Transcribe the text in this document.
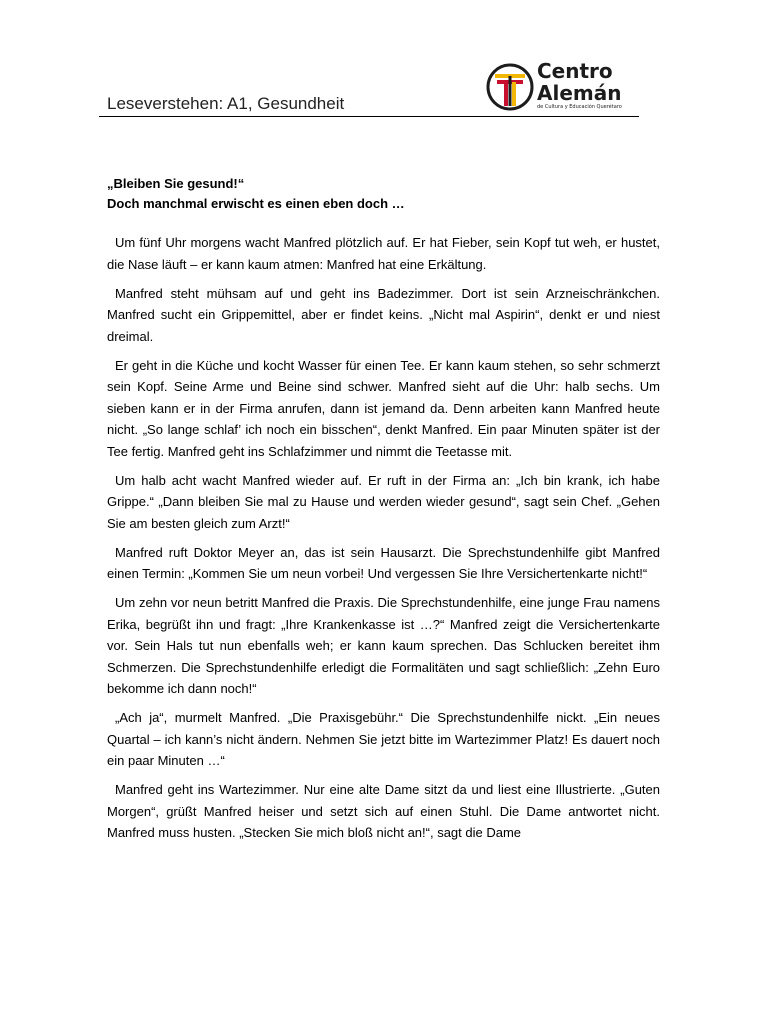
Leseverstehen: A1, Gesundheit
Centro
Alemán
de Cultura y Educación Querétaro
„Bleiben Sie gesund!“
Doch manchmal erwischt es einen eben doch …

Um fünf Uhr morgens wacht Manfred plötzlich auf. Er hat Fieber, sein Kopf tut weh, er hustet, die Nase läuft – er kann kaum atmen: Manfred hat eine Erkältung.

Manfred steht mühsam auf und geht ins Badezimmer. Dort ist sein Arzneischränkchen. Manfred sucht ein Grippemittel, aber er findet keins. „Nicht mal Aspirin“, denkt er und niest dreimal.

Er geht in die Küche und kocht Wasser für einen Tee. Er kann kaum stehen, so sehr schmerzt sein Kopf. Seine Arme und Beine sind schwer. Manfred sieht auf die Uhr: halb sechs. Um sieben kann er in der Firma anrufen, dann ist jemand da. Denn arbeiten kann Manfred heute nicht. „So lange schlaf’ ich noch ein bisschen“, denkt Manfred. Ein paar Minuten später ist der Tee fertig. Manfred geht ins Schlafzimmer und nimmt die Teetasse mit.

Um halb acht wacht Manfred wieder auf. Er ruft in der Firma an: „Ich bin krank, ich habe Grippe.“ „Dann bleiben Sie mal zu Hause und werden wieder gesund“, sagt sein Chef. „Gehen Sie am besten gleich zum Arzt!“

Manfred ruft Doktor Meyer an, das ist sein Hausarzt. Die Sprechstundenhilfe gibt Manfred einen Termin: „Kommen Sie um neun vorbei! Und vergessen Sie Ihre Versichertenkarte nicht!“

Um zehn vor neun betritt Manfred die Praxis. Die Sprechstundenhilfe, eine junge Frau namens Erika, begrüßt ihn und fragt: „Ihre Krankenkasse ist …?“ Manfred zeigt die Versichertenkarte vor. Sein Hals tut nun ebenfalls weh; er kann kaum sprechen. Das Schlucken bereitet ihm Schmerzen. Die Sprechstundenhilfe erledigt die Formalitäten und sagt schließlich: „Zehn Euro bekomme ich dann noch!“

„Ach ja“, murmelt Manfred. „Die Praxisgebühr.“ Die Sprechstundenhilfe nickt. „Ein neues Quartal – ich kann’s nicht ändern. Nehmen Sie jetzt bitte im Wartezimmer Platz! Es dauert noch ein paar Minuten …“

Manfred geht ins Wartezimmer. Nur eine alte Dame sitzt da und liest eine Illustrierte. „Guten Morgen“, grüßt Manfred heiser und setzt sich auf einen Stuhl. Die Dame antwortet nicht. Manfred muss husten. „Stecken Sie mich bloß nicht an!“, sagt die Dame
